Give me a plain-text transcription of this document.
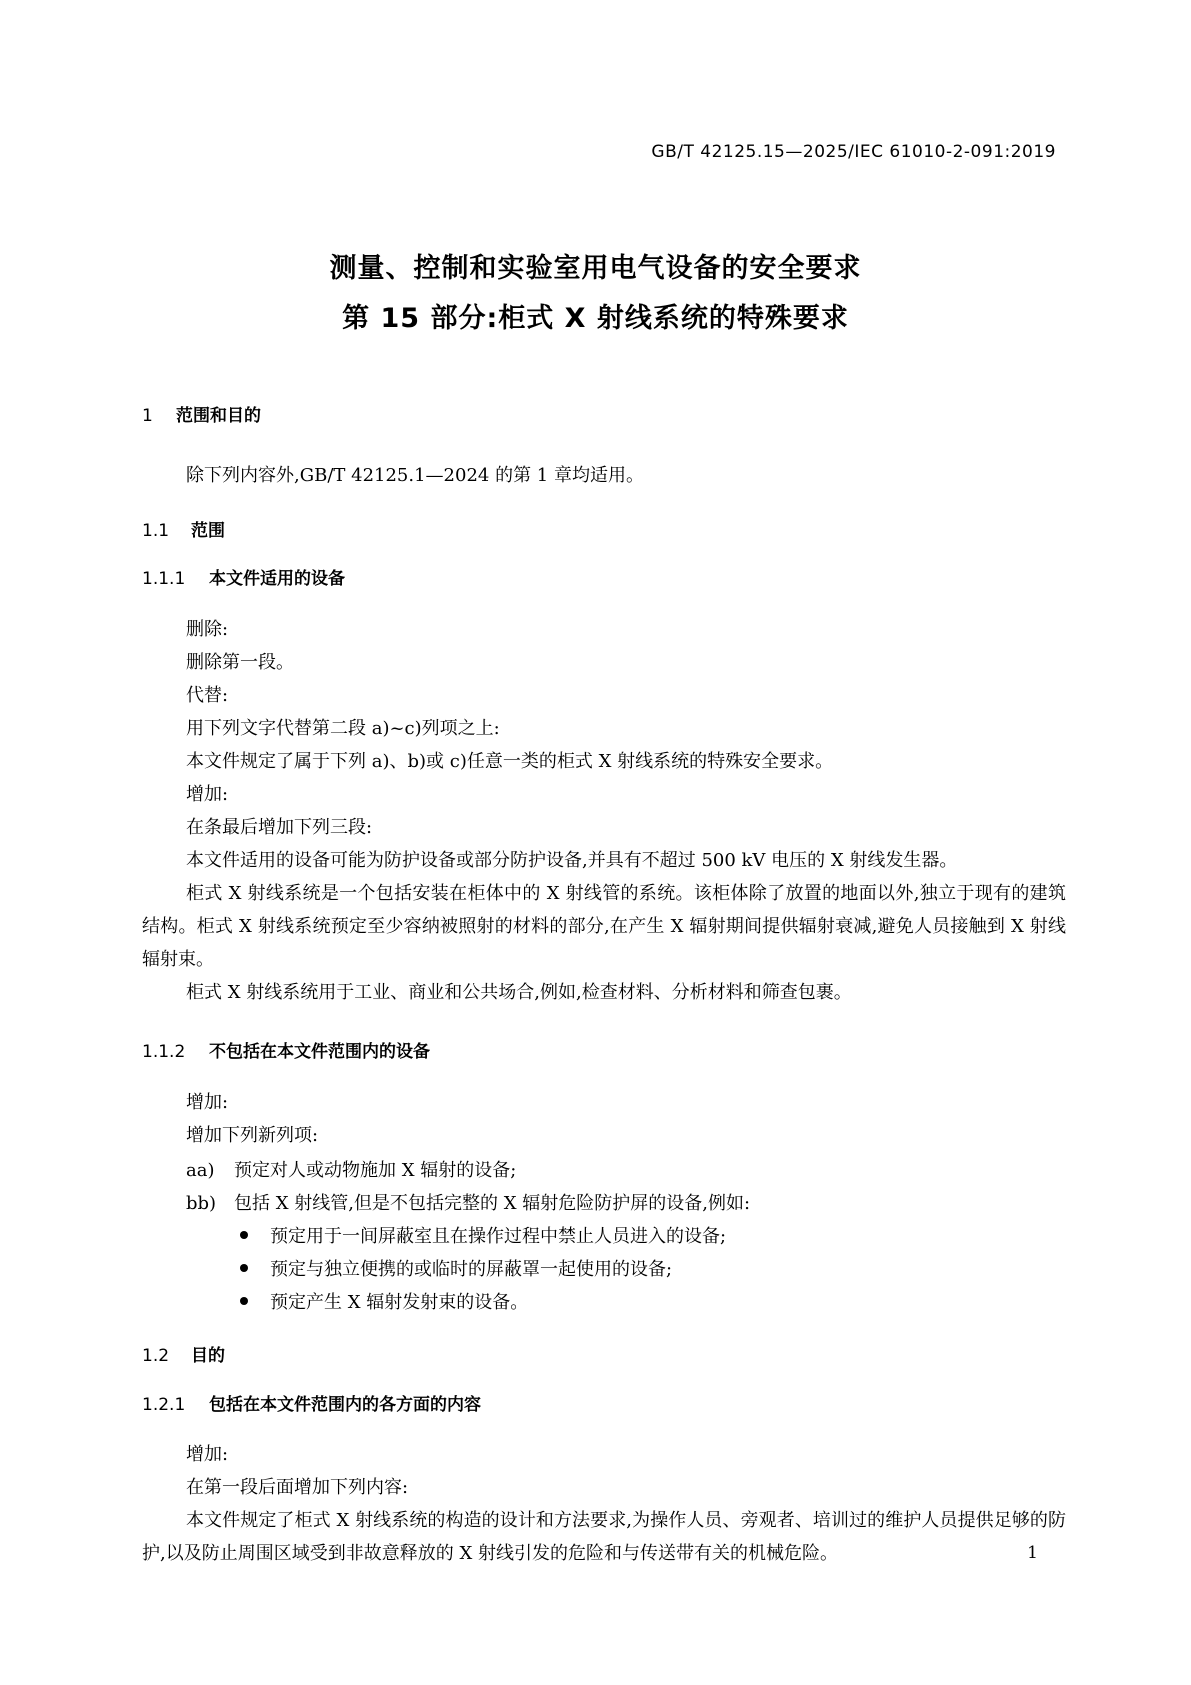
GB/T 42125.15—2025/IEC 61010-2-091:2019
测量、控制和实验室用电气设备的安全要求
第 15 部分:柜式 X 射线系统的特殊要求
1 范围和目的
除下列内容外,GB/T 42125.1—2024 的第 1 章均适用。
1.1 范围
1.1.1 本文件适用的设备
删除:
删除第一段。
代替:
用下列文字代替第二段 a)~c)列项之上:
本文件规定了属于下列 a)、b)或 c)任意一类的柜式 X 射线系统的特殊安全要求。
增加:
在条最后增加下列三段:
本文件适用的设备可能为防护设备或部分防护设备,并具有不超过 500 kV 电压的 X 射线发生器。
柜式 X 射线系统是一个包括安装在柜体中的 X 射线管的系统。该柜体除了放置的地面以外,独立于现有的建筑结构。柜式 X 射线系统预定至少容纳被照射的材料的部分,在产生 X 辐射期间提供辐射衰减,避免人员接触到 X 射线辐射束。
柜式 X 射线系统用于工业、商业和公共场合,例如,检查材料、分析材料和筛查包裹。
1.1.2 不包括在本文件范围内的设备
增加:
增加下列新列项:
aa) 预定对人或动物施加 X 辐射的设备;
bb) 包括 X 射线管,但是不包括完整的 X 辐射危险防护屏的设备,例如:
预定用于一间屏蔽室且在操作过程中禁止人员进入的设备;
预定与独立便携的或临时的屏蔽罩一起使用的设备;
预定产生 X 辐射发射束的设备。
1.2 目的
1.2.1 包括在本文件范围内的各方面的内容
增加:
在第一段后面增加下列内容:
本文件规定了柜式 X 射线系统的构造的设计和方法要求,为操作人员、旁观者、培训过的维护人员提供足够的防护,以及防止周围区域受到非故意释放的 X 射线引发的危险和与传送带有关的机械危险。	1
